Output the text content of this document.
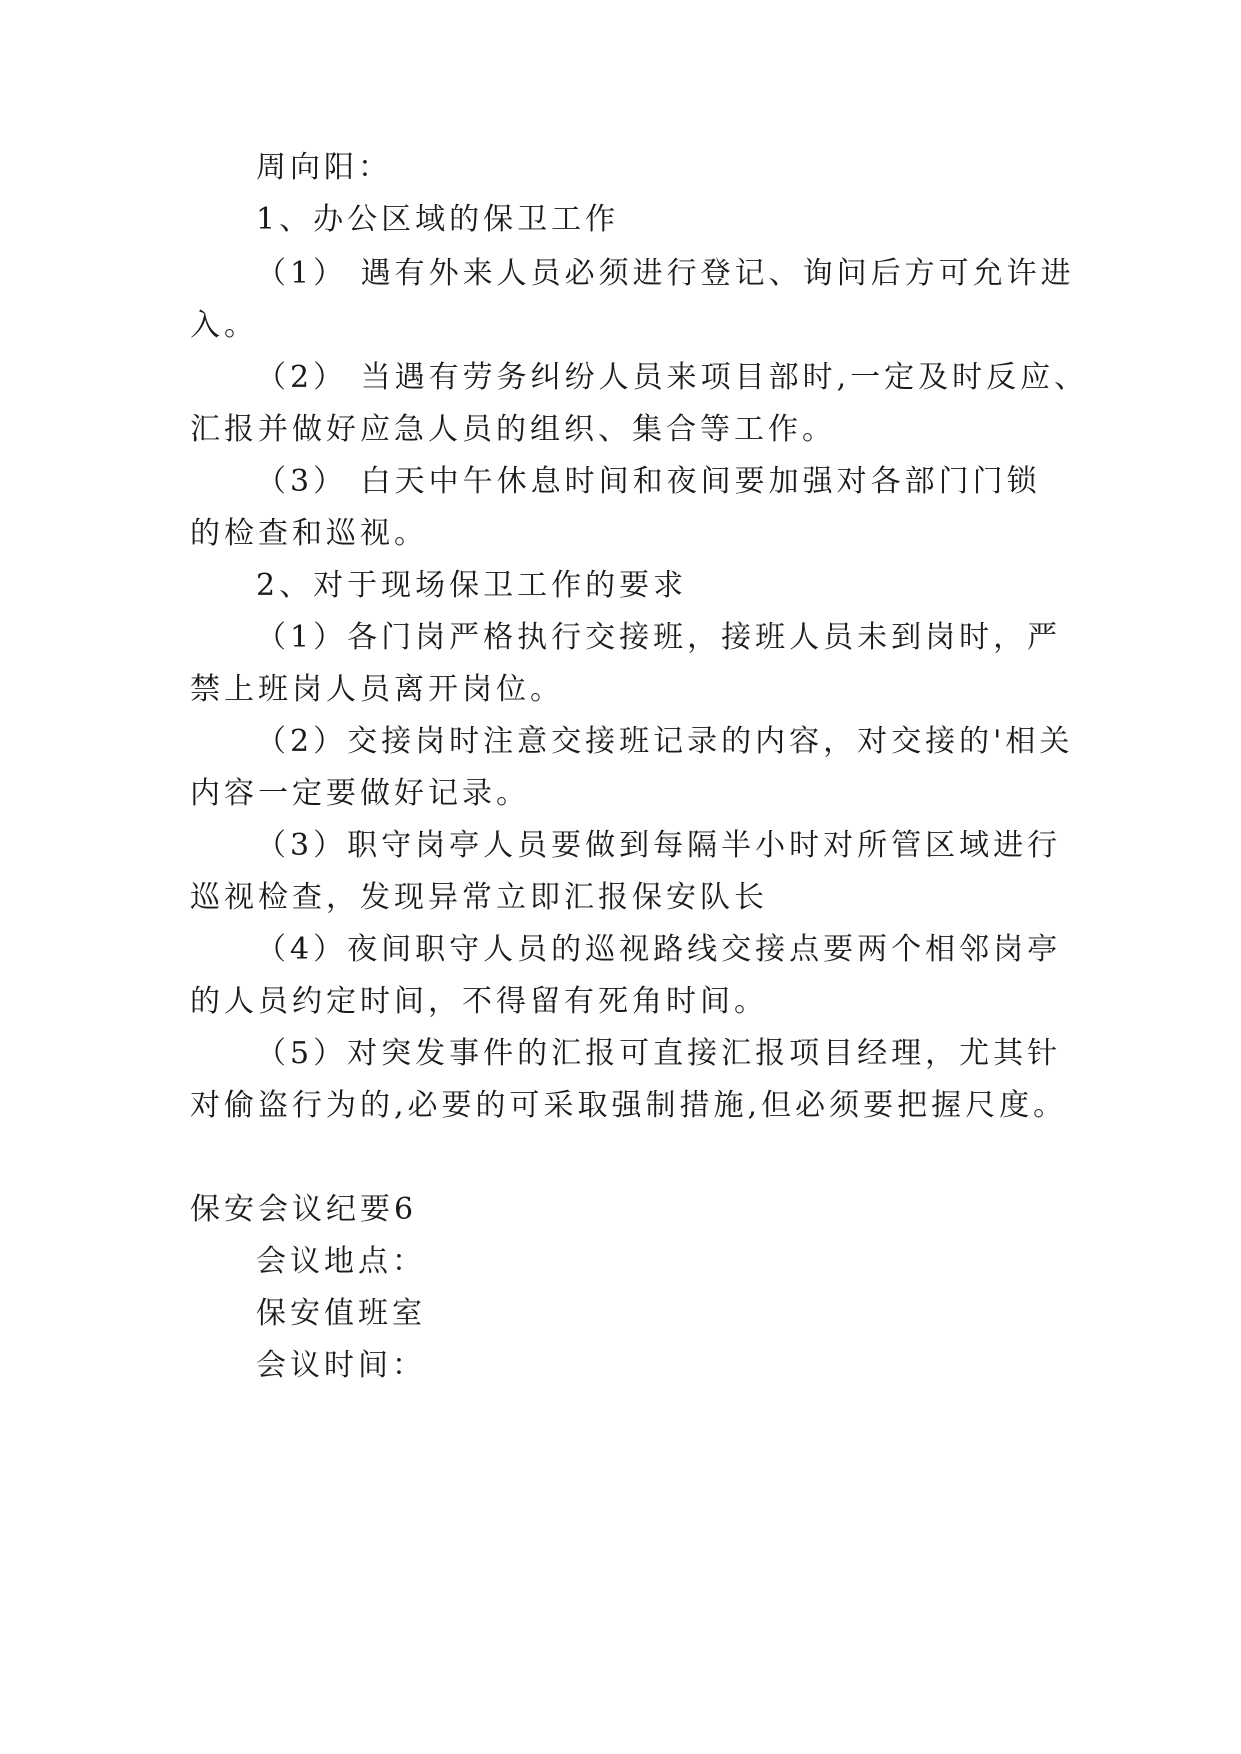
周向阳：
1、办公区域的保卫工作
（1） 遇有外来人员必须进行登记、询问后方可允许进
入。
（2） 当遇有劳务纠纷人员来项目部时,一定及时反应、
汇报并做好应急人员的组织、集合等工作。
（3） 白天中午休息时间和夜间要加强对各部门门锁
的检查和巡视。
2、对于现场保卫工作的要求
（1）各门岗严格执行交接班，接班人员未到岗时，严
禁上班岗人员离开岗位。
（2）交接岗时注意交接班记录的内容，对交接的'相关
内容一定要做好记录。
（3）职守岗亭人员要做到每隔半小时对所管区域进行
巡视检查，发现异常立即汇报保安队长
（4）夜间职守人员的巡视路线交接点要两个相邻岗亭
的人员约定时间，不得留有死角时间。
（5）对突发事件的汇报可直接汇报项目经理，尤其针
对偷盗行为的,必要的可采取强制措施,但必须要把握尺度。
保安会议纪要6
会议地点：
保安值班室
会议时间：
